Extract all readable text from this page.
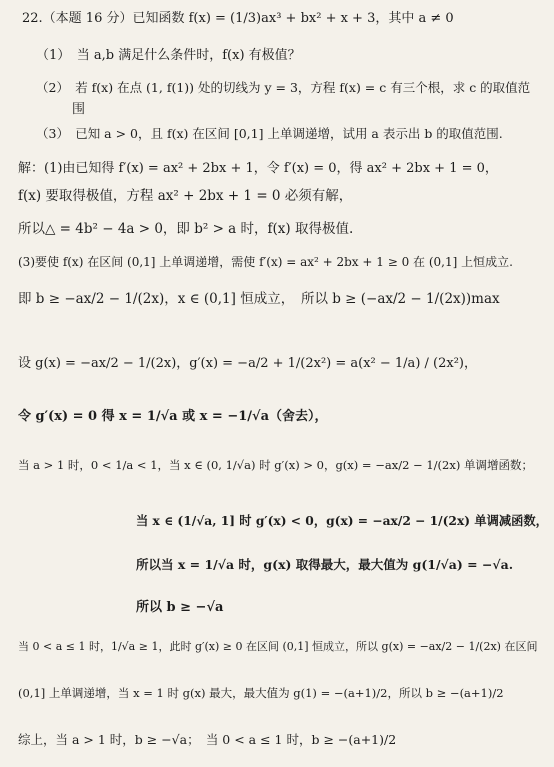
22.（本题 16 分）已知函数 f(x) = (1/3)ax³ + bx² + x + 3，其中 a ≠ 0
（1）　当 a,b 满足什么条件时，f(x) 有极值？
（2）　若 f(x) 在点 (1, f(1)) 处的切线为 y = 3，方程 f(x) = c 有三个根，求 c 的取值范
围
（3）　已知 a > 0，且 f(x) 在区间 [0,1] 上单调递增，试用 a 表示出 b 的取值范围.
解：(1)由已知得 f′(x) = ax² + 2bx + 1，令 f′(x) = 0，得 ax² + 2bx + 1 = 0，
f(x) 要取得极值，方程 ax² + 2bx + 1 = 0 必须有解，
所以△ = 4b² − 4a > 0，即 b² > a 时，f(x) 取得极值.
(3)要使 f(x) 在区间 (0,1] 上单调递增，需使 f′(x) = ax² + 2bx + 1 ≥ 0 在 (0,1] 上恒成立.
即 b ≥ −ax/2 − 1/(2x)，x ∈ (0,1] 恒成立，　所以 b ≥ (−ax/2 − 1/(2x))max
设 g(x) = −ax/2 − 1/(2x)，g′(x) = −a/2 + 1/(2x²) = a(x² − 1/a) / (2x²)，
令 g′(x) = 0 得 x = 1/√a 或 x = −1/√a（舍去），
当 a > 1 时，0 < 1/a < 1，当 x ∈ (0, 1/√a) 时 g′(x) > 0，g(x) = −ax/2 − 1/(2x) 单调增函数；
当 x ∈ (1/√a, 1] 时 g′(x) < 0，g(x) = −ax/2 − 1/(2x) 单调减函数，
所以当 x = 1/√a 时，g(x) 取得最大，最大值为 g(1/√a) = −√a.
所以 b ≥ −√a
当 0 < a ≤ 1 时，1/√a ≥ 1，此时 g′(x) ≥ 0 在区间 (0,1] 恒成立，所以 g(x) = −ax/2 − 1/(2x) 在区间
(0,1] 上单调递增，当 x = 1 时 g(x) 最大，最大值为 g(1) = −(a+1)/2，所以 b ≥ −(a+1)/2
综上，当 a > 1 时，b ≥ −√a；　当 0 < a ≤ 1 时，b ≥ −(a+1)/2
